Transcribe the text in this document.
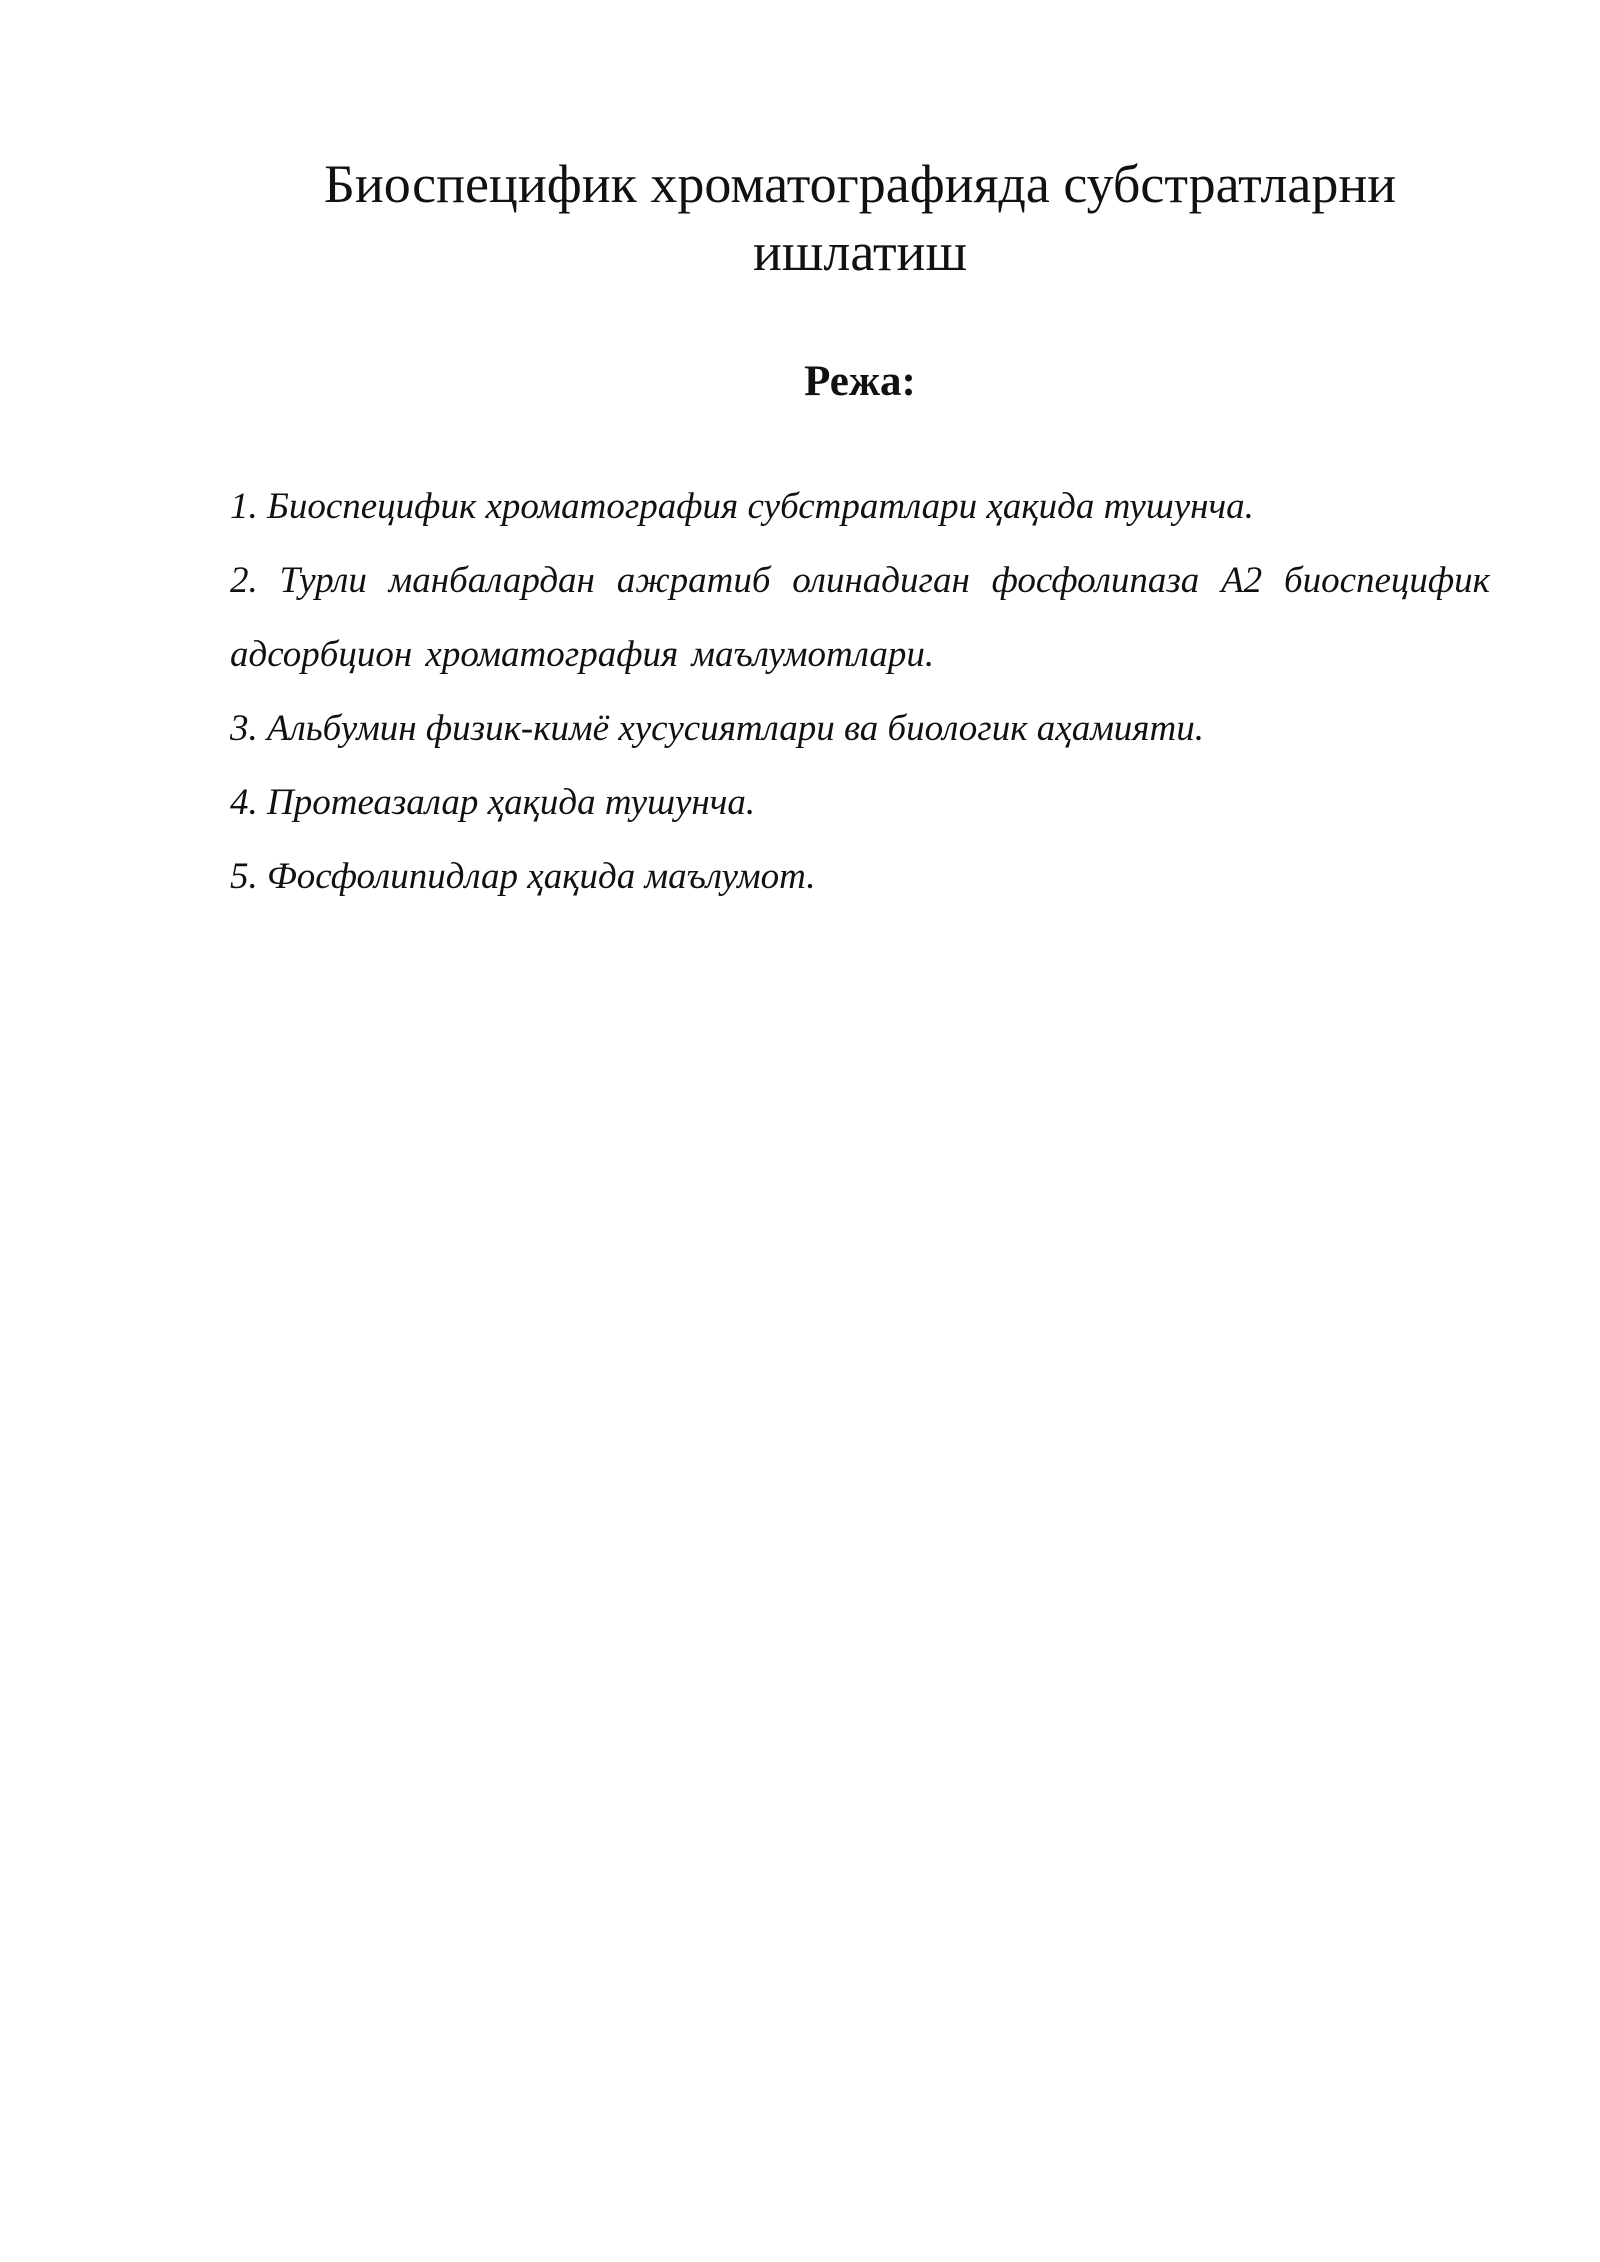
Биоспецифик хроматографияда субстратларни ишлатиш
Режа:
1. Биоспецифик хроматография субстратлари ҳақида тушунча.
2. Турли манбалардан ажратиб олинадиган фосфолипаза А2 биоспецифик адсорбцион хроматография маълумотлари.
3. Альбумин физик-кимё хусусиятлари ва биологик аҳамияти.
4. Протеазалар ҳақида тушунча.
5. Фосфолипидлар ҳақида маълумот.
